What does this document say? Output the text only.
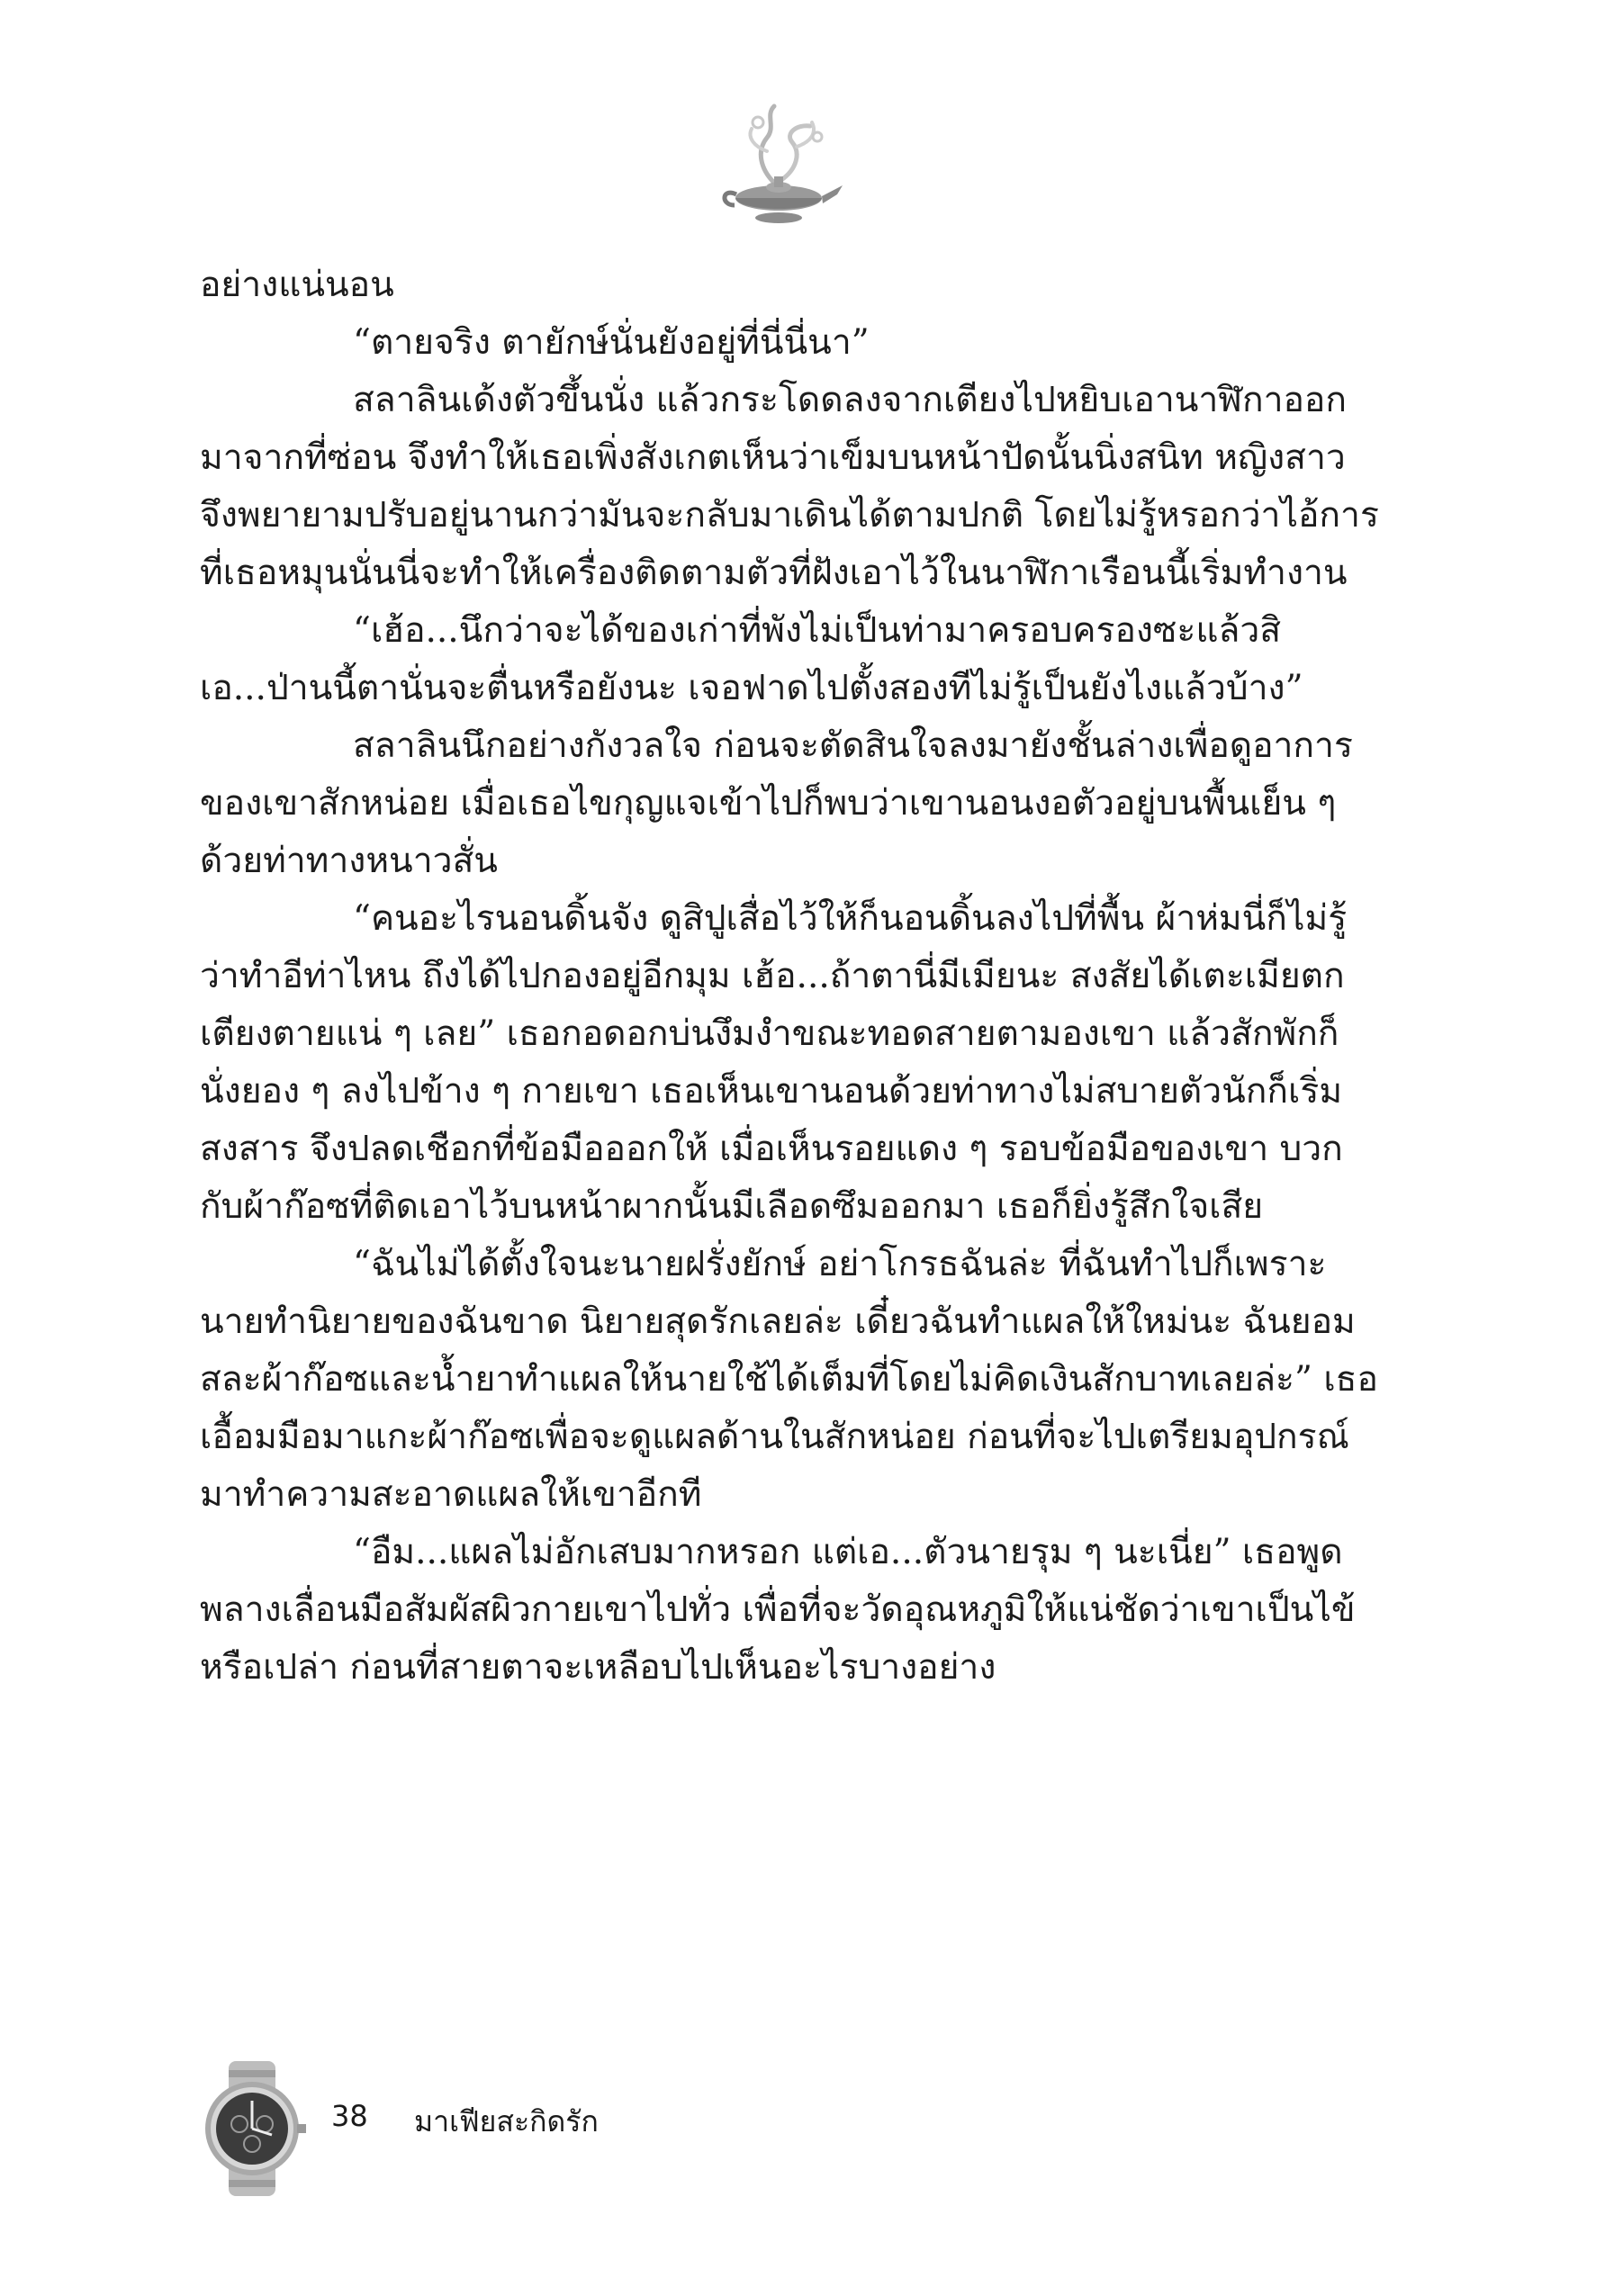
อย่างแน่นอน

“ตายจริง ตายักษ์นั่นยังอยู่ที่นี่นี่นา”

สลาลินเด้งตัวขึ้นนั่ง แล้วกระโดดลงจากเตียงไปหยิบเอานาฬิกาออกมาจากที่ซ่อน จึงทำให้เธอเพิ่งสังเกตเห็นว่าเข็มบนหน้าปัดนั้นนิ่งสนิท หญิงสาวจึงพยายามปรับอยู่นานกว่ามันจะกลับมาเดินได้ตามปกติ โดยไม่รู้หรอกว่าไอ้การที่เธอหมุนนั่นนี่จะทำให้เครื่องติดตามตัวที่ฝังเอาไว้ในนาฬิกาเรือนนี้เริ่มทำงาน

“เฮ้อ...นึกว่าจะได้ของเก่าที่พังไม่เป็นท่ามาครอบครองซะแล้วสิ เอ...ป่านนี้ตานั่นจะตื่นหรือยังนะ เจอฟาดไปตั้งสองทีไม่รู้เป็นยังไงแล้วบ้าง”

สลาลินนึกอย่างกังวลใจ ก่อนจะตัดสินใจลงมายังชั้นล่างเพื่อดูอาการของเขาสักหน่อย เมื่อเธอไขกุญแจเข้าไปก็พบว่าเขานอนงอตัวอยู่บนพื้นเย็น ๆ ด้วยท่าทางหนาวสั่น

“คนอะไรนอนดิ้นจัง ดูสิปูเสื่อไว้ให้ก็นอนดิ้นลงไปที่พื้น ผ้าห่มนี่ก็ไม่รู้ว่าทำอีท่าไหน ถึงได้ไปกองอยู่อีกมุม เฮ้อ...ถ้าตานี่มีเมียนะ สงสัยได้เตะเมียตกเตียงตายแน่ ๆ เลย” เธอกอดอกบ่นงึมงำขณะทอดสายตามองเขา แล้วสักพักก็นั่งยอง ๆ ลงไปข้าง ๆ กายเขา เธอเห็นเขานอนด้วยท่าทางไม่สบายตัวนักก็เริ่มสงสาร จึงปลดเชือกที่ข้อมือออกให้ เมื่อเห็นรอยแดง ๆ รอบข้อมือของเขา บวกกับผ้าก๊อซที่ติดเอาไว้บนหน้าผากนั้นมีเลือดซึมออกมา เธอก็ยิ่งรู้สึกใจเสีย

“ฉันไม่ได้ตั้งใจนะนายฝรั่งยักษ์ อย่าโกรธฉันล่ะ ที่ฉันทำไปก็เพราะนายทำนิยายของฉันขาด นิยายสุดรักเลยล่ะ เดี๋ยวฉันทำแผลให้ใหม่นะ ฉันยอมสละผ้าก๊อซและน้ำยาทำแผลให้นายใช้ได้เต็มที่โดยไม่คิดเงินสักบาทเลยล่ะ” เธอเอื้อมมือมาแกะผ้าก๊อซเพื่อจะดูแผลด้านในสักหน่อย ก่อนที่จะไปเตรียมอุปกรณ์มาทำความสะอาดแผลให้เขาอีกที

“อืม...แผลไม่อักเสบมากหรอก แต่เอ...ตัวนายรุม ๆ นะเนี่ย” เธอพูดพลางเลื่อนมือสัมผัสผิวกายเขาไปทั่ว เพื่อที่จะวัดอุณหภูมิให้แน่ชัดว่าเขาเป็นไข้หรือเปล่า ก่อนที่สายตาจะเหลือบไปเห็นอะไรบางอย่าง

38 มาเฟียสะกิดรัก
